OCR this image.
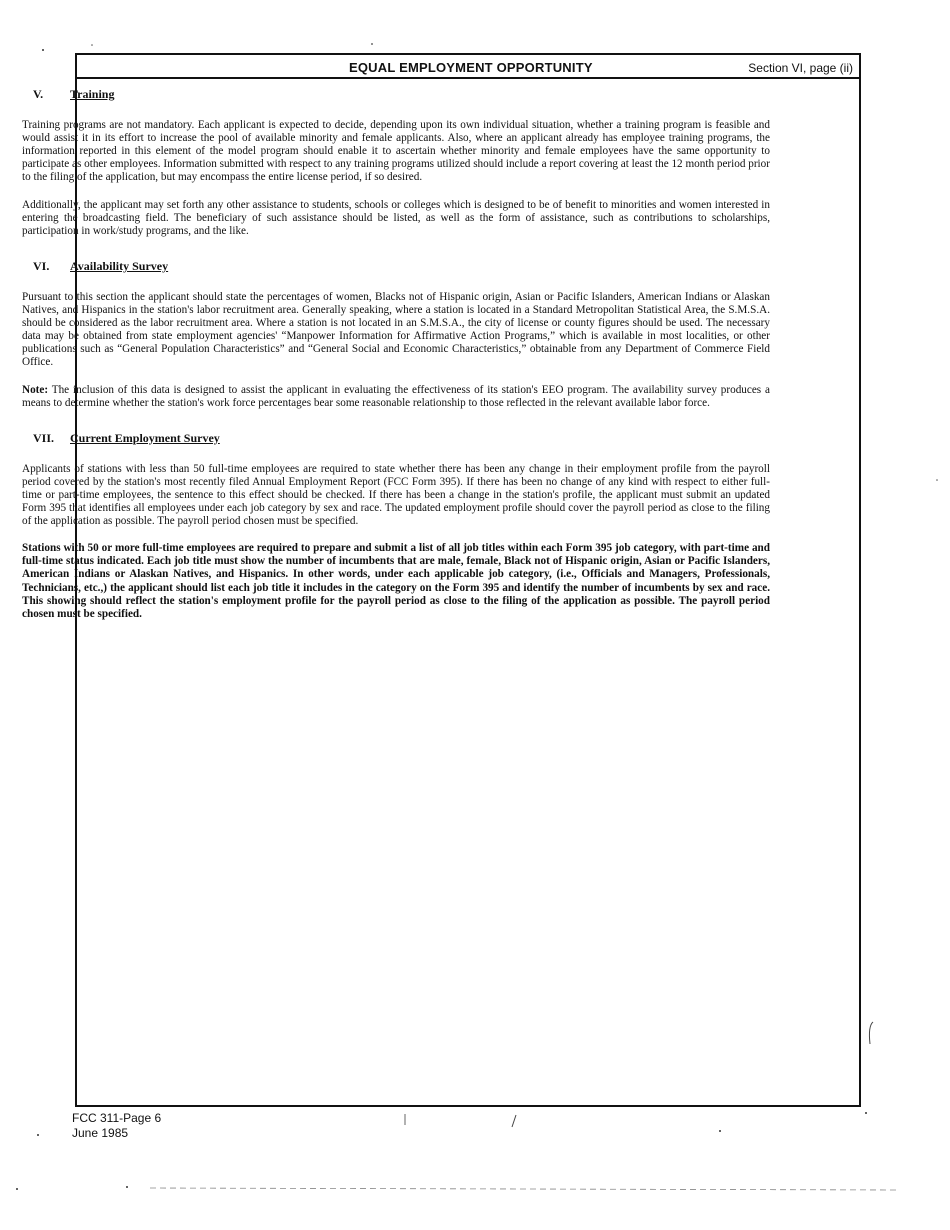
EQUAL EMPLOYMENT OPPORTUNITY	Section VI, page (ii)
V. Training

Training programs are not mandatory. Each applicant is expected to decide, depending upon its own individual situation, whether a training program is feasible and would assist it in its effort to increase the pool of available minority and female applicants. Also, where an applicant already has employee training programs, the information reported in this element of the model program should enable it to ascertain whether minority and female employees have the same opportunity to participate as other employees. Information submitted with respect to any training programs utilized should include a report covering at least the 12 month period prior to the filing of the application, but may encompass the entire license period, if so desired.

Additionally, the applicant may set forth any other assistance to students, schools or colleges which is designed to be of benefit to minorities and women interested in entering the broadcasting field. The beneficiary of such assistance should be listed, as well as the form of assistance, such as contributions to scholarships, participation in work/study programs, and the like.

VI. Availability Survey

Pursuant to this section the applicant should state the percentages of women, Blacks not of Hispanic origin, Asian or Pacific Islanders, American Indians or Alaskan Natives, and Hispanics in the station's labor recruitment area. Generally speaking, where a station is located in a Standard Metropolitan Statistical Area, the S.M.S.A. should be considered as the labor recruitment area. Where a station is not located in an S.M.S.A., the city of license or county figures should be used. The necessary data may be obtained from state employment agencies' “Manpower Information for Affirmative Action Programs,” which is available in most localities, or other publications such as “General Population Characteristics” and “General Social and Economic Characteristics,” obtainable from any Department of Commerce Field Office.

Note: The inclusion of this data is designed to assist the applicant in evaluating the effectiveness of its station's EEO program. The availability survey produces a means to determine whether the station's work force percentages bear some reasonable relationship to those reflected in the relevant available labor force.

VII. Current Employment Survey

Applicants of stations with less than 50 full-time employees are required to state whether there has been any change in their employment profile from the payroll period covered by the station's most recently filed Annual Employment Report (FCC Form 395). If there has been no change of any kind with respect to either full-time or part-time employees, the sentence to this effect should be checked. If there has been a change in the station's profile, the applicant must submit an updated Form 395 that identifies all employees under each job category by sex and race. The updated employment profile should cover the payroll period as close to the filing of the application as possible. The payroll period chosen must be specified.

Stations with 50 or more full-time employees are required to prepare and submit a list of all job titles within each Form 395 job category, with part-time and full-time status indicated. Each job title must show the number of incumbents that are male, female, Black not of Hispanic origin, Asian or Pacific Islanders, American Indians or Alaskan Natives, and Hispanics. In other words, under each applicable job category, (i.e., Officials and Managers, Professionals, Technicians, etc.,) the applicant should list each job title it includes in the category on the Form 395 and identify the number of incumbents by sex and race. This showing should reflect the station's employment profile for the payroll period as close to the filing of the application as possible. The payroll period chosen must be specified.

FCC 311-Page 6
June 1985
